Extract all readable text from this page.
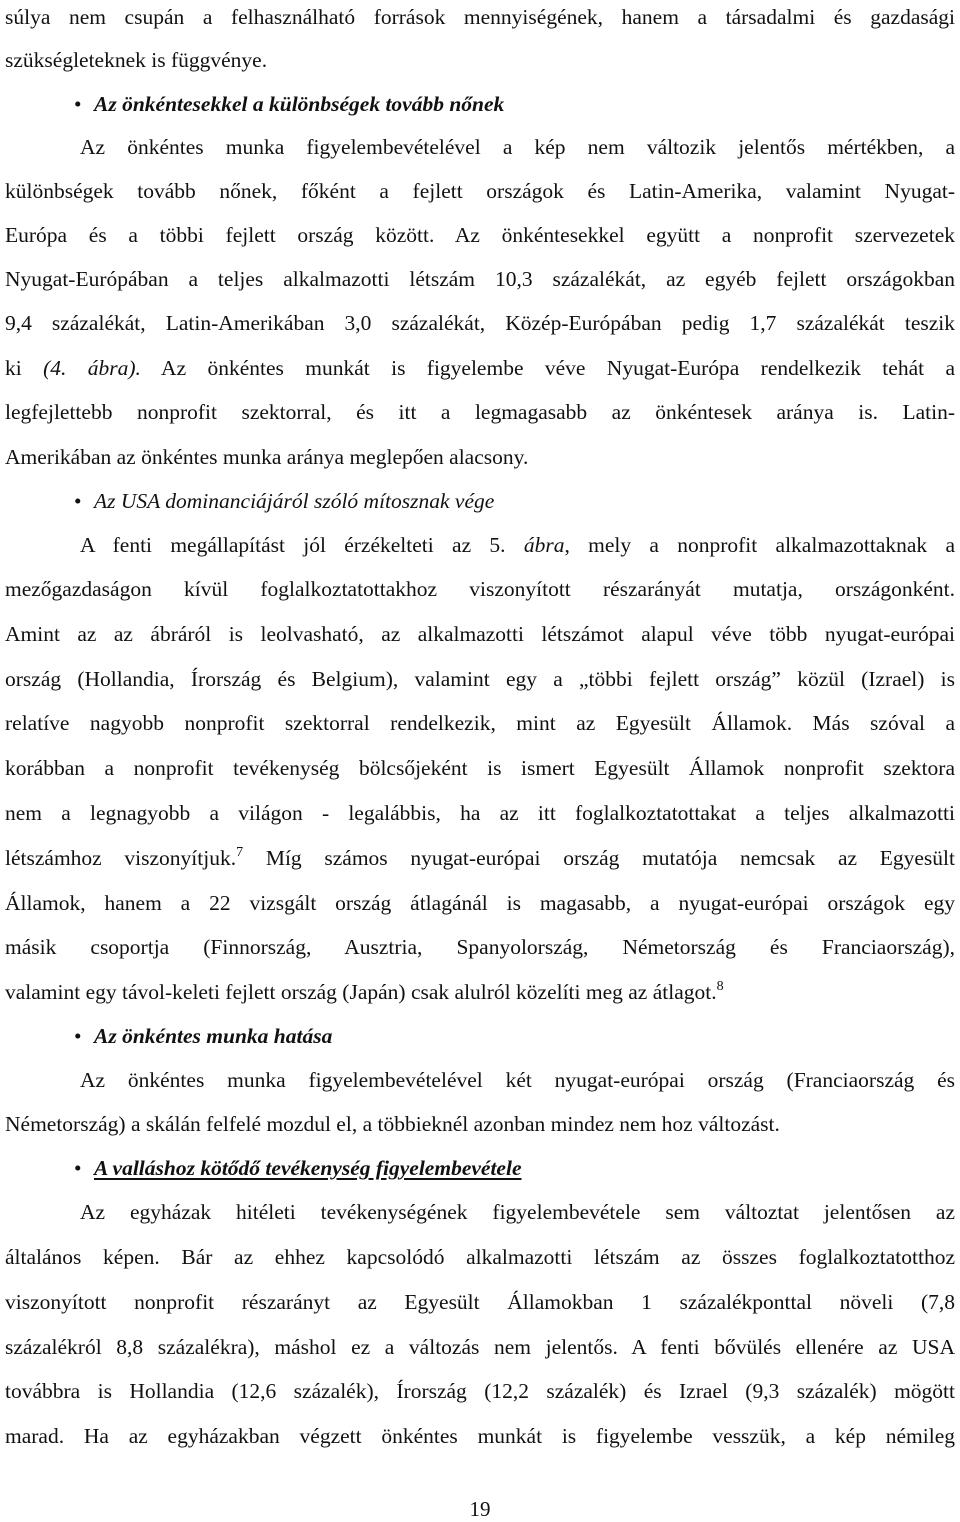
súlya nem csupán a felhasználható források mennyiségének, hanem a társadalmi és gazdasági
szükségleteknek is függvénye.
• Az önkéntesekkel a különbségek tovább nőnek
Az önkéntes munka figyelembevételével a kép nem változik jelentős mértékben, a
különbségek tovább nőnek, főként a fejlett országok és Latin-Amerika, valamint Nyugat-
Európa és a többi fejlett ország között. Az önkéntesekkel együtt a nonprofit szervezetek
Nyugat-Európában a teljes alkalmazotti létszám 10,3 százalékát, az egyéb fejlett országokban
9,4 százalékát, Latin-Amerikában 3,0 százalékát, Közép-Európában pedig 1,7 százalékát teszik
ki (4. ábra). Az önkéntes munkát is figyelembe véve Nyugat-Európa rendelkezik tehát a
legfejlettebb nonprofit szektorral, és itt a legmagasabb az önkéntesek aránya is. Latin-
Amerikában az önkéntes munka aránya meglepően alacsony.
• Az USA dominanciájáról szóló mítosznak vége
A fenti megállapítást jól érzékelteti az 5. ábra, mely a nonprofit alkalmazottaknak a
mezőgazdaságon kívül foglalkoztatottakhoz viszonyított részarányát mutatja, országonként.
Amint az az ábráról is leolvasható, az alkalmazotti létszámot alapul véve több nyugat-európai
ország (Hollandia, Írország és Belgium), valamint egy a „többi fejlett ország” közül (Izrael) is
relatíve nagyobb nonprofit szektorral rendelkezik, mint az Egyesült Államok. Más szóval a
korábban a nonprofit tevékenység bölcsőjeként is ismert Egyesült Államok nonprofit szektora
nem a legnagyobb a világon - legalábbis, ha az itt foglalkoztatottakat a teljes alkalmazotti
létszámhoz viszonyítjuk.$^7$ Míg számos nyugat-európai ország mutatója nemcsak az Egyesült
Államok, hanem a 22 vizsgált ország átlagánál is magasabb, a nyugat-európai országok egy
másik csoportja (Finnország, Ausztria, Spanyolország, Németország és Franciaország),
valamint egy távol-keleti fejlett ország (Japán) csak alulról közelíti meg az átlagot.$^8$
• Az önkéntes munka hatása
Az önkéntes munka figyelembevételével két nyugat-európai ország (Franciaország és
Németország) a skálán felfelé mozdul el, a többieknél azonban mindez nem hoz változást.
• A valláshoz kötődő tevékenység figyelembevétele
Az egyházak hitéleti tevékenységének figyelembevétele sem változtat jelentősen az
általános képen. Bár az ehhez kapcsolódó alkalmazotti létszám az összes foglalkoztatotthoz
viszonyított nonprofit részarányt az Egyesült Államokban 1 százalékponttal növeli (7,8
százalékról 8,8 százalékra), máshol ez a változás nem jelentős. A fenti bővülés ellenére az USA
továbbra is Hollandia (12,6 százalék), Írország (12,2 százalék) és Izrael (9,3 százalék) mögött
marad. Ha az egyházakban végzett önkéntes munkát is figyelembe vesszük, a kép némileg
19
